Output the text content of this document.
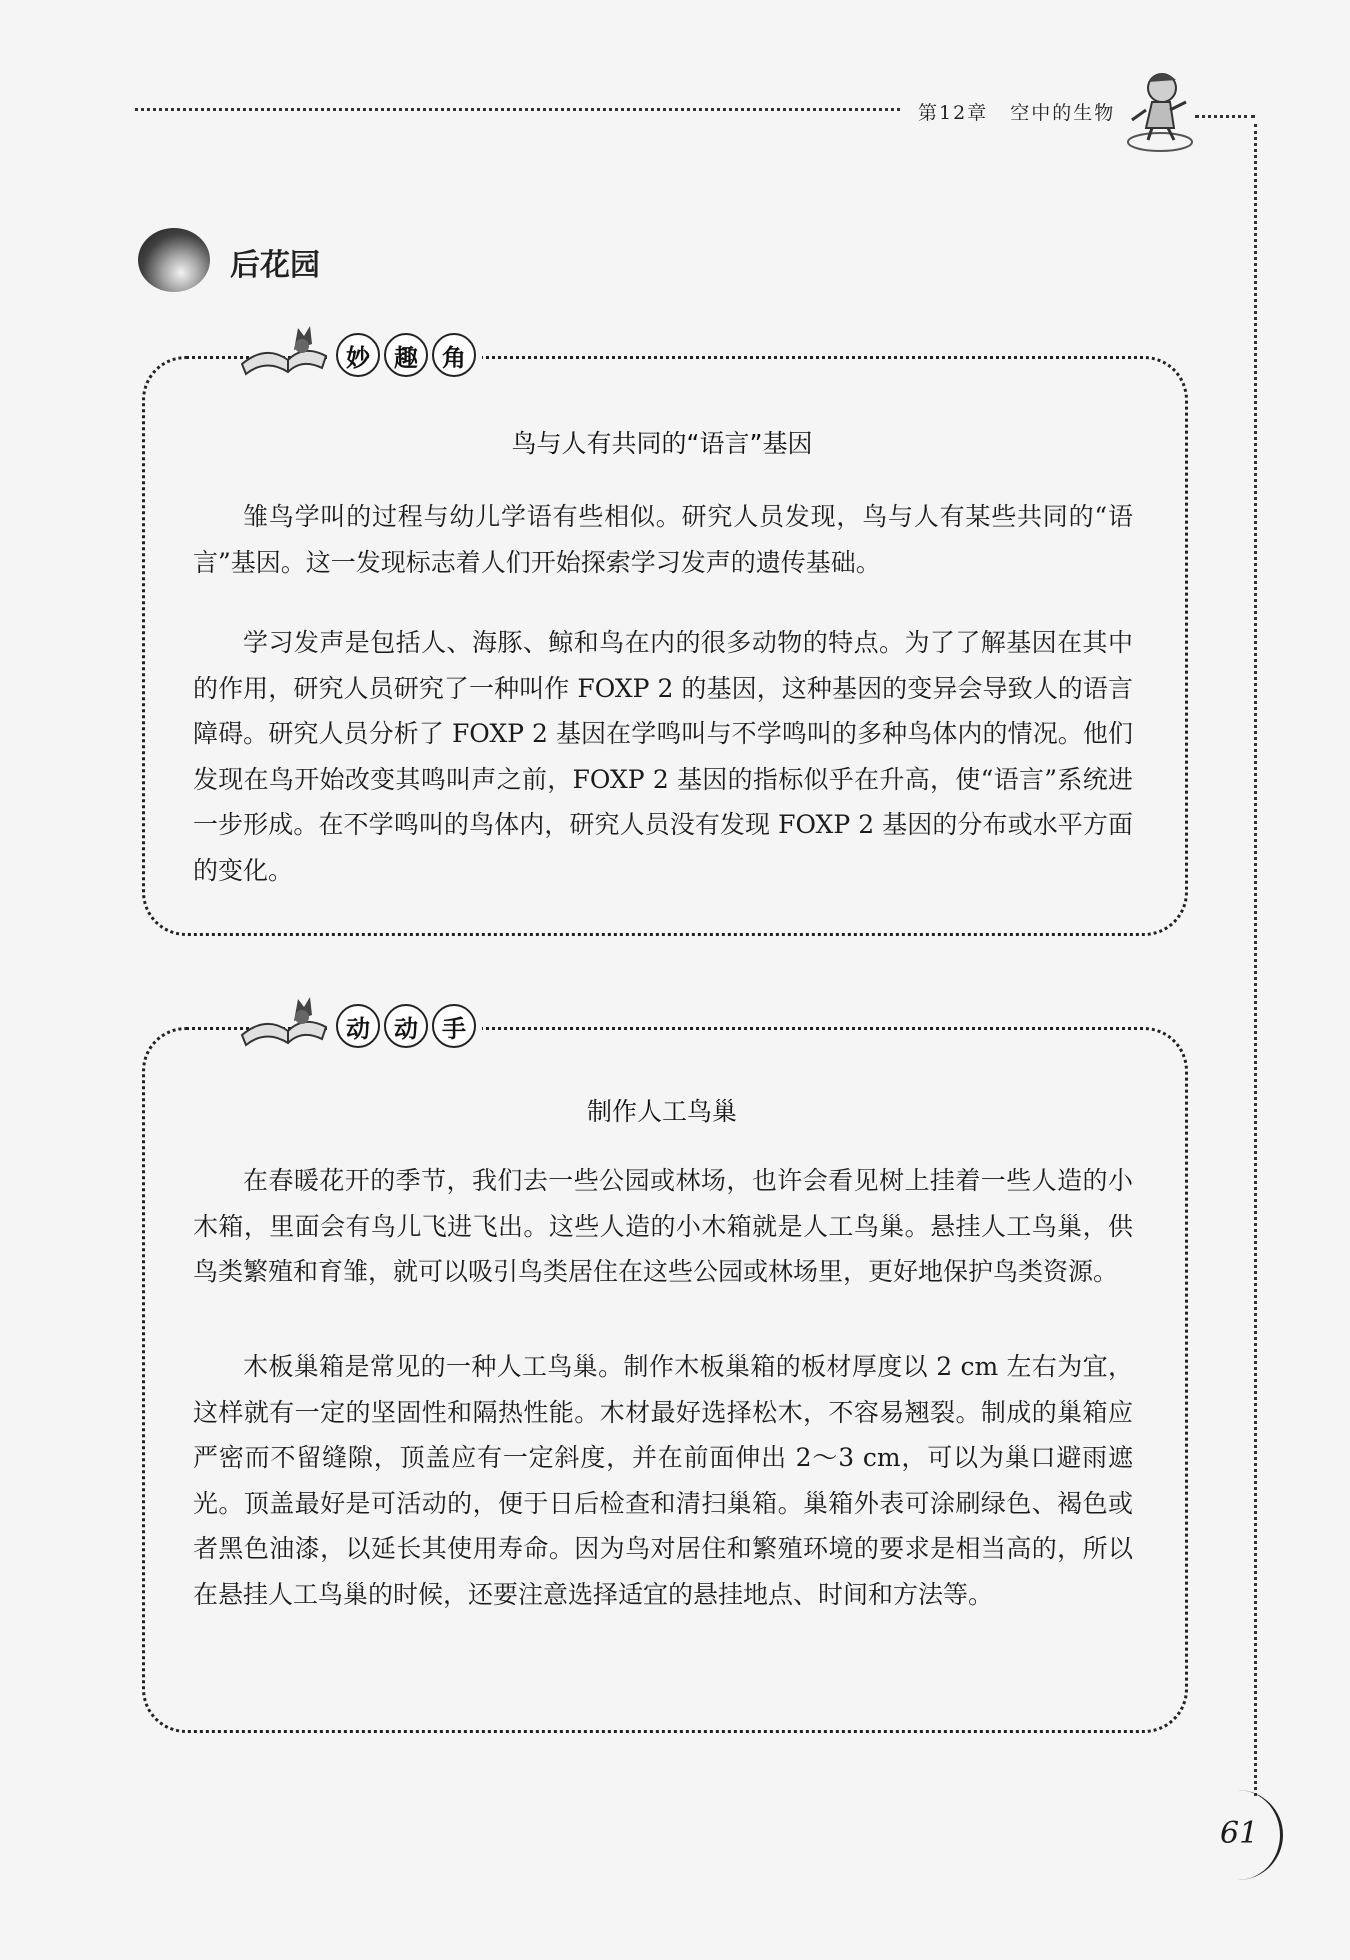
第12章 空中的生物
后花园
妙	趣	角
鸟与人有共同的“语言”基因

雏鸟学叫的过程与幼儿学语有些相似。研究人员发现，鸟与人有某些共同的“语言”基因。这一发现标志着人们开始探索学习发声的遗传基础。

学习发声是包括人、海豚、鲸和鸟在内的很多动物的特点。为了了解基因在其中的作用，研究人员研究了一种叫作 FOXP 2 的基因，这种基因的变异会导致人的语言障碍。研究人员分析了 FOXP 2 基因在学鸣叫与不学鸣叫的多种鸟体内的情况。他们发现在鸟开始改变其鸣叫声之前，FOXP 2 基因的指标似乎在升高，使“语言”系统进一步形成。在不学鸣叫的鸟体内，研究人员没有发现 FOXP 2 基因的分布或水平方面的变化。

动	动	手
制作人工鸟巢

在春暖花开的季节，我们去一些公园或林场，也许会看见树上挂着一些人造的小木箱，里面会有鸟儿飞进飞出。这些人造的小木箱就是人工鸟巢。悬挂人工鸟巢，供鸟类繁殖和育雏，就可以吸引鸟类居住在这些公园或林场里，更好地保护鸟类资源。

木板巢箱是常见的一种人工鸟巢。制作木板巢箱的板材厚度以 2 cm 左右为宜，这样就有一定的坚固性和隔热性能。木材最好选择松木，不容易翘裂。制成的巢箱应严密而不留缝隙，顶盖应有一定斜度，并在前面伸出 2～3 cm，可以为巢口避雨遮光。顶盖最好是可活动的，便于日后检查和清扫巢箱。巢箱外表可涂刷绿色、褐色或者黑色油漆，以延长其使用寿命。因为鸟对居住和繁殖环境的要求是相当高的，所以在悬挂人工鸟巢的时候，还要注意选择适宜的悬挂地点、时间和方法等。

61
